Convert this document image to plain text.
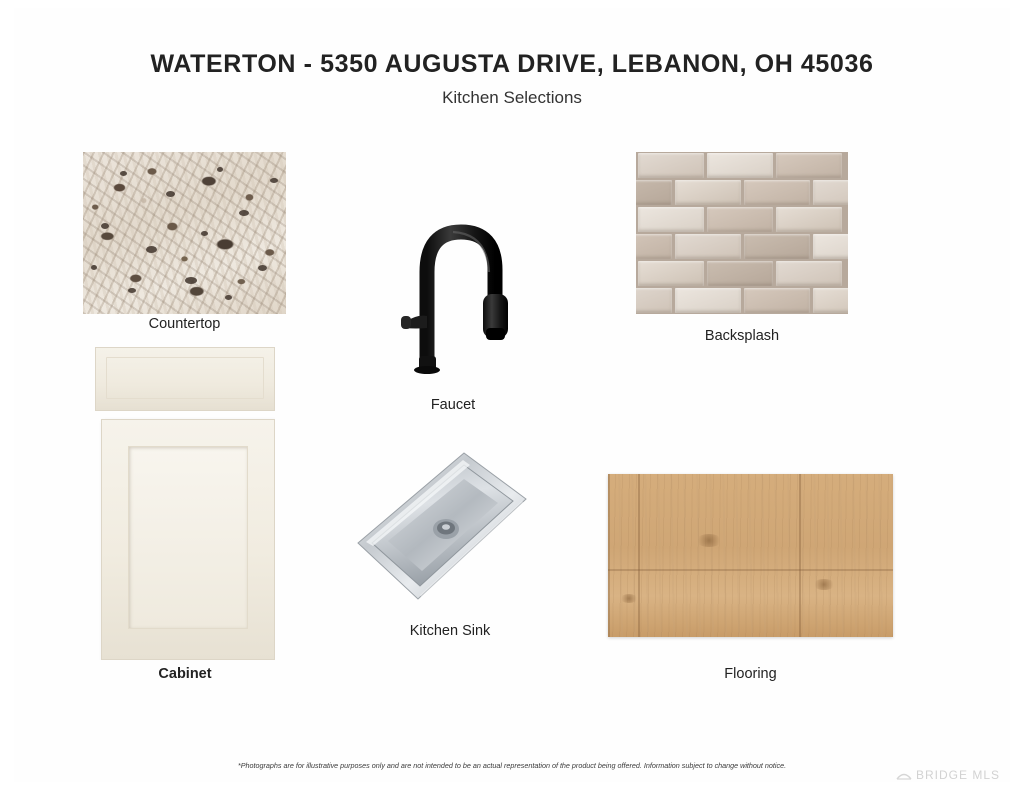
WATERTON - 5350 AUGUSTA DRIVE, LEBANON, OH 45036
Kitchen Selections
Countertop
Backsplash
Faucet
Cabinet
Kitchen Sink
Flooring
*Photographs are for illustrative purposes only and are not intended to be an actual representation of the product being offered. Information subject to change without notice.
BRIDGE MLS
